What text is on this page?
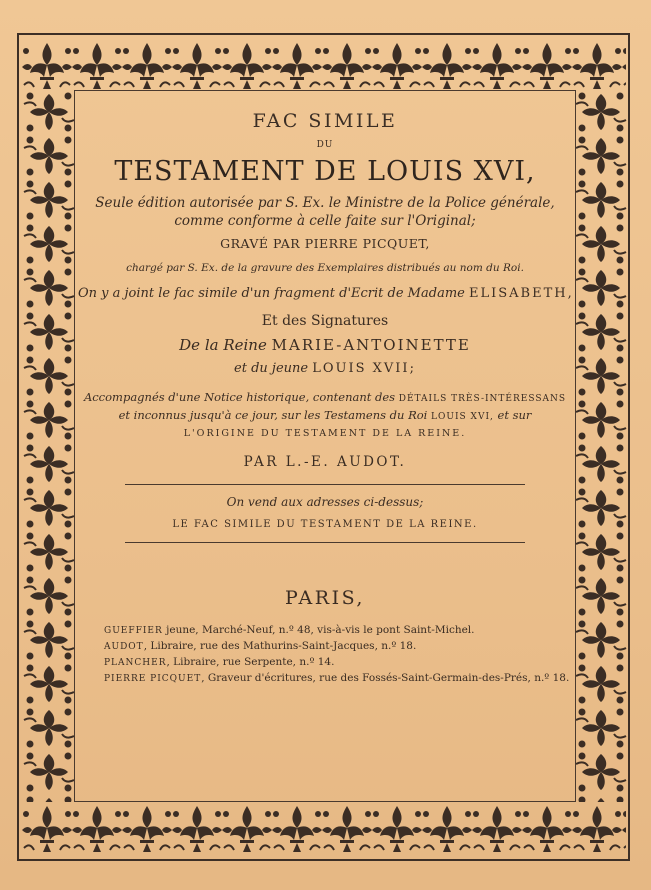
FAC SIMILE
DU
TESTAMENT DE LOUIS XVI,
Seule édition autorisée par S. Ex. le Ministre de la Police générale,
comme conforme à celle faite sur l'Original;
GRAVÉ PAR PIERRE PICQUET,
chargé par S. Ex. de la gravure des Exemplaires distribués au nom du Roi.
On y a joint le fac simile d'un fragment d'Ecrit de Madame ELISABETH,
Et des Signatures
De la Reine MARIE-ANTOINETTE
et du jeune LOUIS XVII;
Accompagnés d'une Notice historique, contenant des DÉTAILS TRÈS-INTÉRESSANS
et inconnus jusqu'à ce jour, sur les Testamens du Roi LOUIS XVI, et sur
L'ORIGINE DU TESTAMENT DE LA REINE.
PAR L.-E. AUDOT.
On vend aux adresses ci-dessus;
LE FAC SIMILE DU TESTAMENT DE LA REINE.
PARIS,
GUEFFIER jeune, Marché-Neuf, n.º 48, vis-à-vis le pont Saint-Michel.
AUDOT, Libraire, rue des Mathurins-Saint-Jacques, n.º 18.
PLANCHER, Libraire, rue Serpente, n.º 14.
PIERRE PICQUET, Graveur d'écritures, rue des Fossés-Saint-Germain-des-Prés, n.º 18.
